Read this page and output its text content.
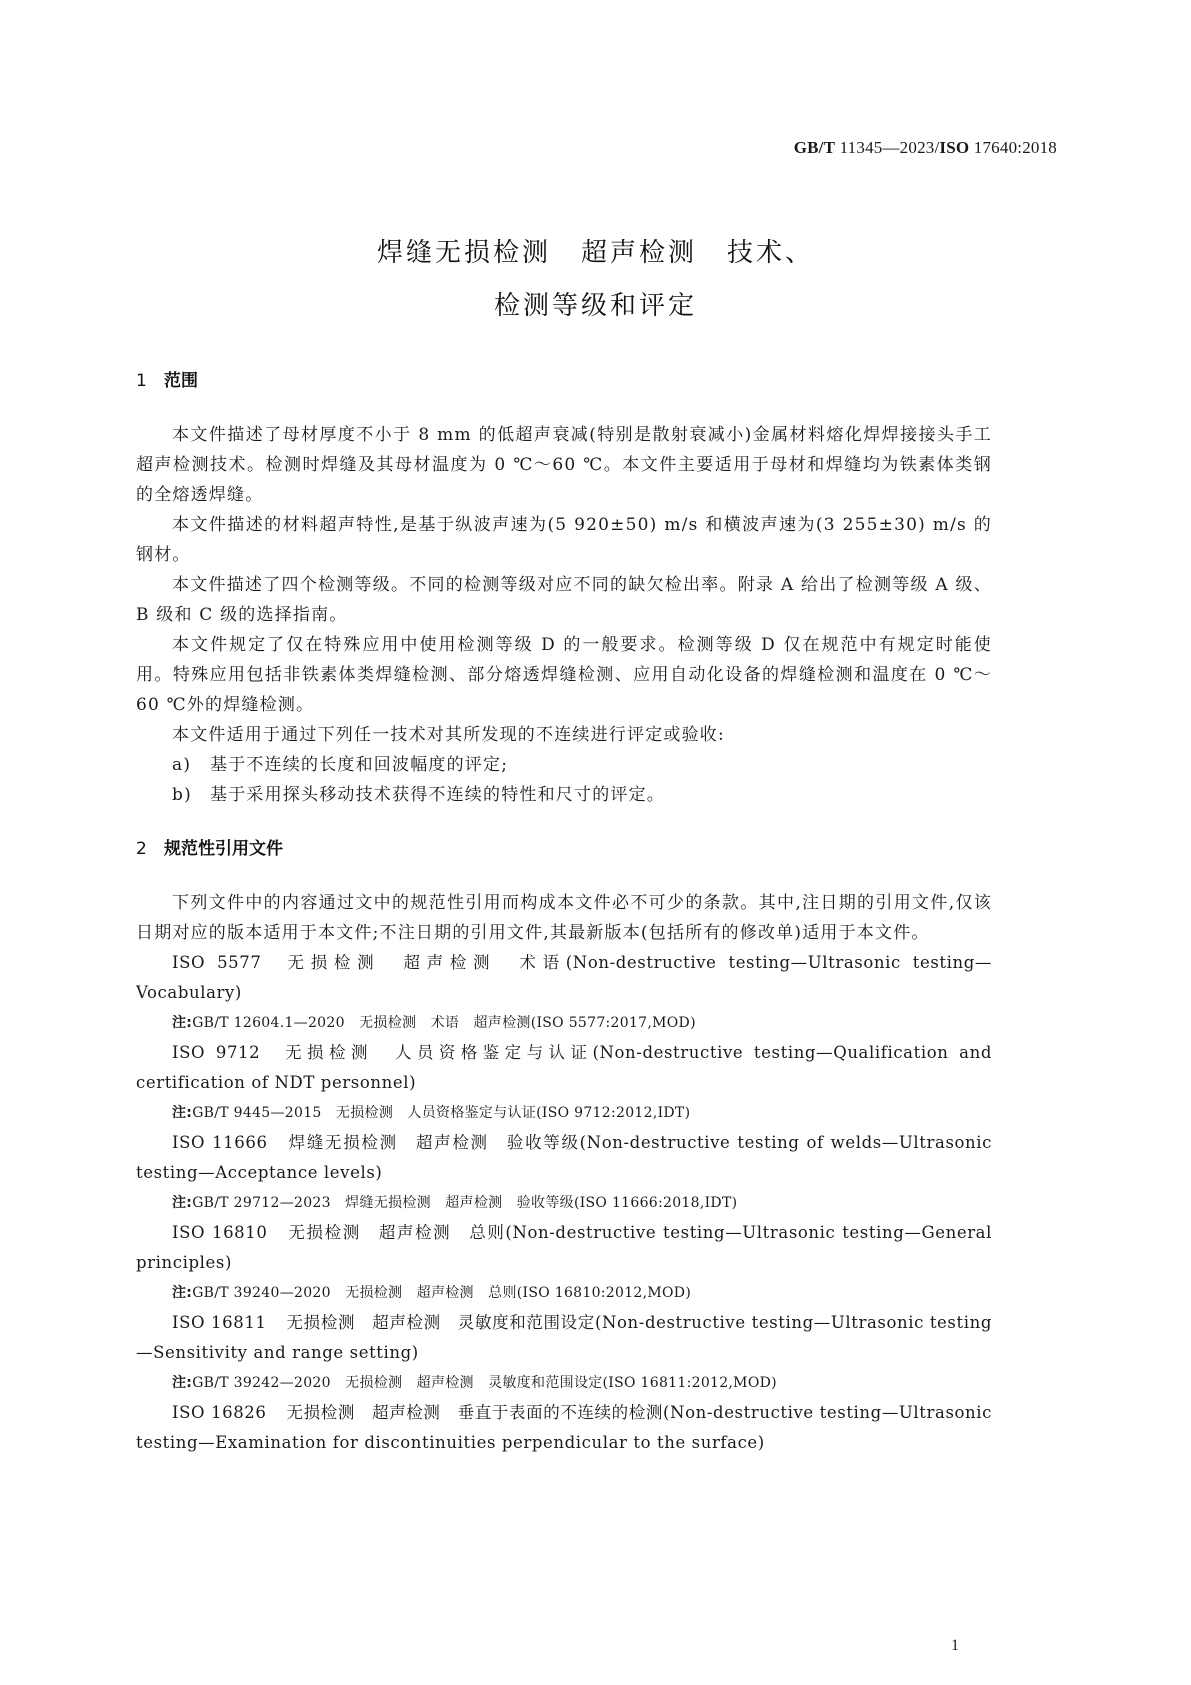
GB/T 11345—2023/ISO 17640:2018
焊缝无损检测 超声检测 技术、
检测等级和评定
1 范围

本文件描述了母材厚度不小于 8 mm 的低超声衰减(特别是散射衰减小)金属材料熔化焊焊接接头手工超声检测技术。检测时焊缝及其母材温度为 0 ℃～60 ℃。本文件主要适用于母材和焊缝均为铁素体类钢的全熔透焊缝。

本文件描述的材料超声特性,是基于纵波声速为(5 920±50) m/s 和横波声速为(3 255±30) m/s 的钢材。

本文件描述了四个检测等级。不同的检测等级对应不同的缺欠检出率。附录 A 给出了检测等级 A 级、B 级和 C 级的选择指南。

本文件规定了仅在特殊应用中使用检测等级 D 的一般要求。检测等级 D 仅在规范中有规定时能使用。特殊应用包括非铁素体类焊缝检测、部分熔透焊缝检测、应用自动化设备的焊缝检测和温度在 0 ℃～60 ℃外的焊缝检测。

本文件适用于通过下列任一技术对其所发现的不连续进行评定或验收:

a) 基于不连续的长度和回波幅度的评定;

b) 基于采用探头移动技术获得不连续的特性和尺寸的评定。

2 规范性引用文件

下列文件中的内容通过文中的规范性引用而构成本文件必不可少的条款。其中,注日期的引用文件,仅该日期对应的版本适用于本文件;不注日期的引用文件,其最新版本(包括所有的修改单)适用于本文件。

ISO 5577 无损检测　超声检测　术语(Non-destructive testing—Ultrasonic testing—Vocabulary)

注:GB/T 12604.1—2020　无损检测　术语　超声检测(ISO 5577:2017,MOD)

ISO 9712 无损检测　人员资格鉴定与认证(Non-destructive testing—Qualification and certification of NDT personnel)

注:GB/T 9445—2015　无损检测　人员资格鉴定与认证(ISO 9712:2012,IDT)

ISO 11666 焊缝无损检测　超声检测　验收等级(Non-destructive testing of welds—Ultrasonic testing—Acceptance levels)

注:GB/T 29712—2023　焊缝无损检测　超声检测　验收等级(ISO 11666:2018,IDT)

ISO 16810 无损检测　超声检测　总则(Non-destructive testing—Ultrasonic testing—General principles)

注:GB/T 39240—2020　无损检测　超声检测　总则(ISO 16810:2012,MOD)

ISO 16811 无损检测　超声检测　灵敏度和范围设定(Non-destructive testing—Ultrasonic testing—Sensitivity and range setting)

注:GB/T 39242—2020　无损检测　超声检测　灵敏度和范围设定(ISO 16811:2012,MOD)

ISO 16826 无损检测　超声检测　垂直于表面的不连续的检测(Non-destructive testing—Ultrasonic testing—Examination for discontinuities perpendicular to the surface)

1
